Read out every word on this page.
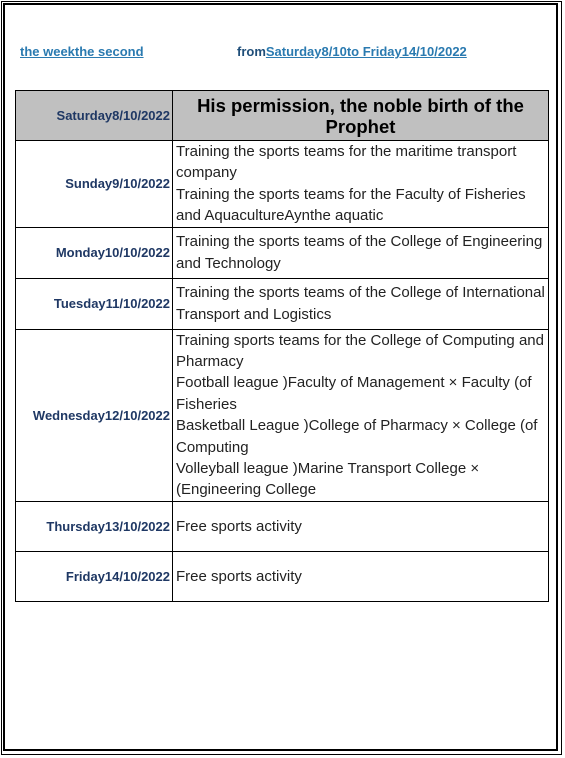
the weekthe second	fromSaturday8/10to Friday14/10/2022
Saturday8/10/2022	His permission, the noble birth of the Prophet

Sunday9/10/2022	Training the sports teams for the maritime transport company
Training the sports teams for the Faculty of Fisheries and AquacultureAynthe aquatic

Monday10/10/2022	Training the sports teams of the College of Engineering and Technology

Tuesday11/10/2022	Training the sports teams of the College of International Transport and Logistics

Wednesday12/10/2022	Training sports teams for the College of Computing and Pharmacy
Football league )Faculty of Management × Faculty (of Fisheries
Basketball League )College of Pharmacy × College (of Computing
Volleyball league )Marine Transport College × (Engineering College

Thursday13/10/2022	Free sports activity

Friday14/10/2022	Free sports activity
